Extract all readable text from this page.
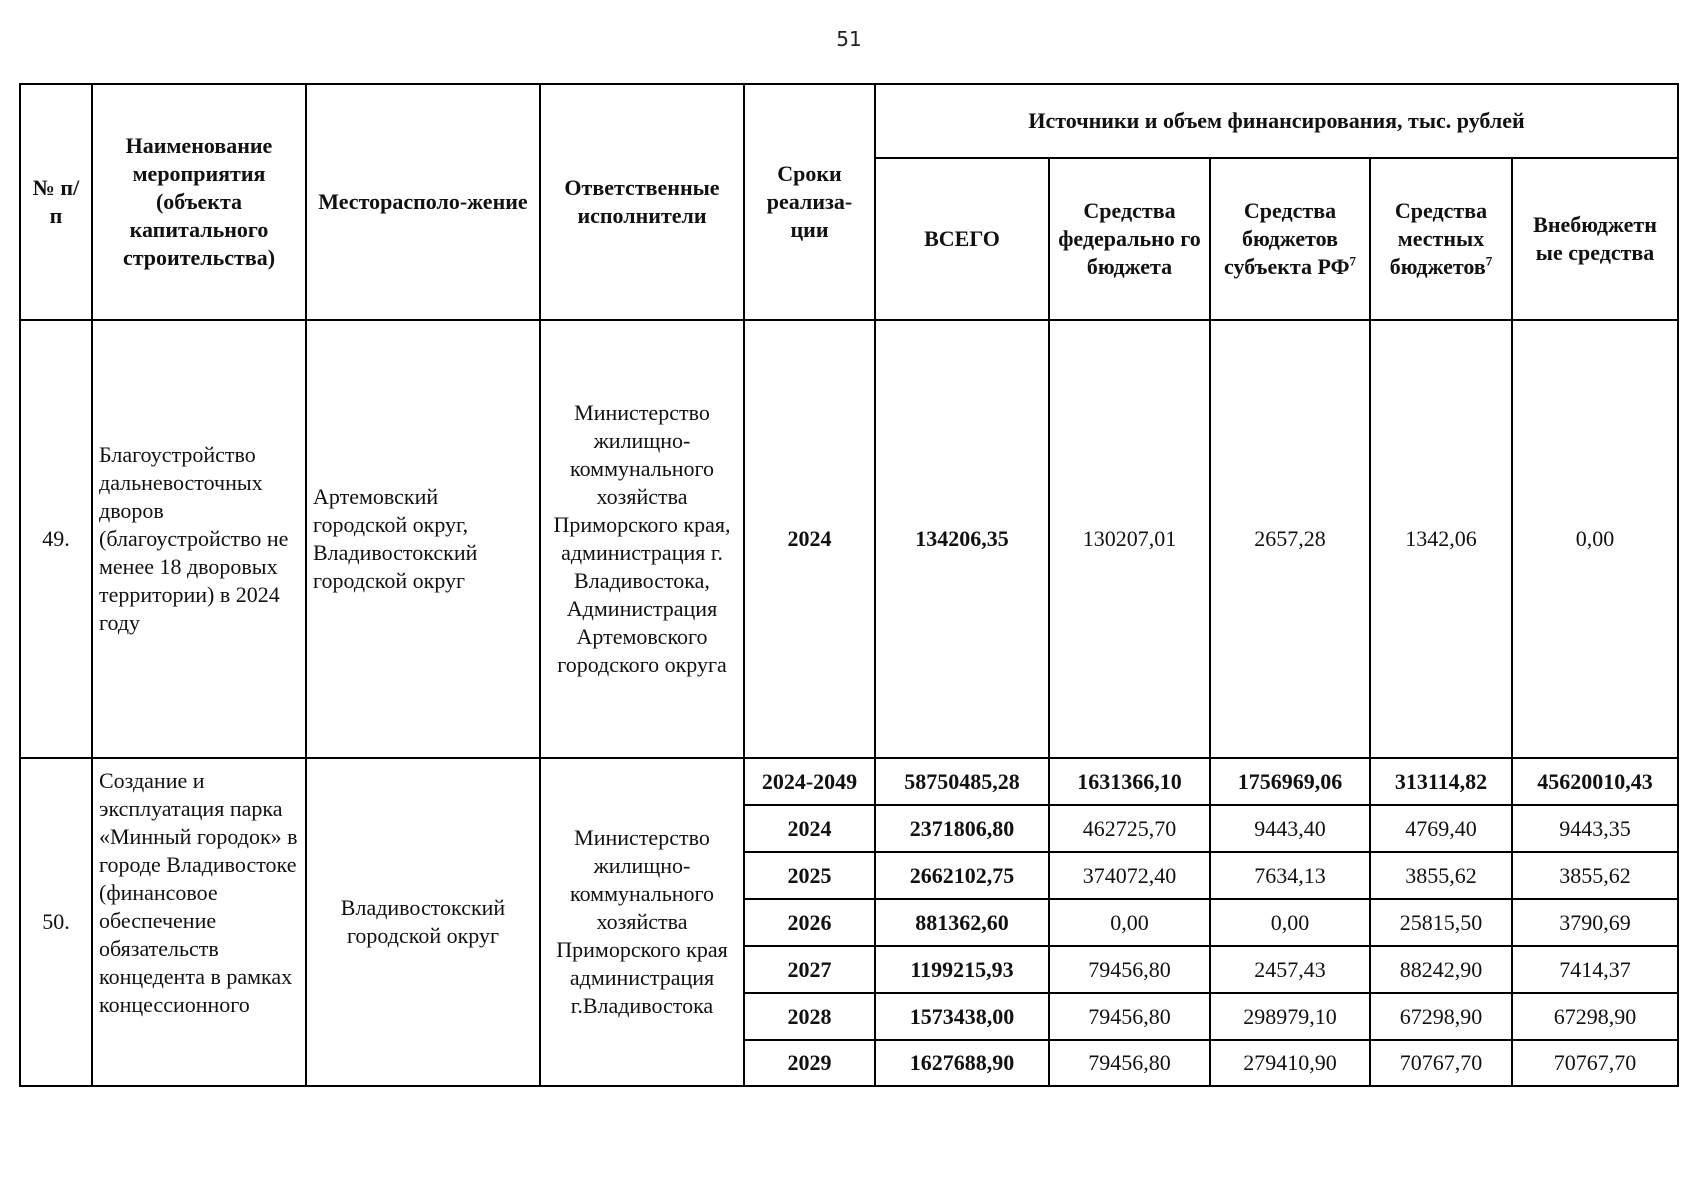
51
№ п/п	Наименование мероприятия (объекта капитального строительства)	Месторасполо-жение	Ответственные исполнители	Сроки реализа-ции	Источники и объем финансирования, тыс. рублей				
					ВСЕГО	Средства федерально го бюджета	Средства бюджетов субъекта $РФ^7$	Средства местных бюджетов$^7$	Внебюджетн ые средства
49.	Благоустройство дальневосточных дворов (благоустройство не менее 18 дворовых территории) в 2024 году	Артемовский городской округ, Владивостокский городской округ	Министерство жилищно-коммунального хозяйства Приморского края, администрация г. Владивостока, Администрация Артемовского городского округа	2024	134206,35	130207,01	2657,28	1342,06	0,00
50.	Создание и эксплуатация парка «Минный городок» в городе Владивостоке (финансовое обеспечение обязательств концедента в рамках концессионного	Владивостокский городской округ	Министерство жилищно-коммунального хозяйства Приморского края администрация г.Владивостока	2024-2049	58750485,28	1631366,10	1756969,06	313114,82	45620010,43
				2024	2371806,80	462725,70	9443,40	4769,40	9443,35
				2025	2662102,75	374072,40	7634,13	3855,62	3855,62
				2026	881362,60	0,00	0,00	25815,50	3790,69
				2027	1199215,93	79456,80	2457,43	88242,90	7414,37
				2028	1573438,00	79456,80	298979,10	67298,90	67298,90
				2029	1627688,90	79456,80	279410,90	70767,70	70767,70
